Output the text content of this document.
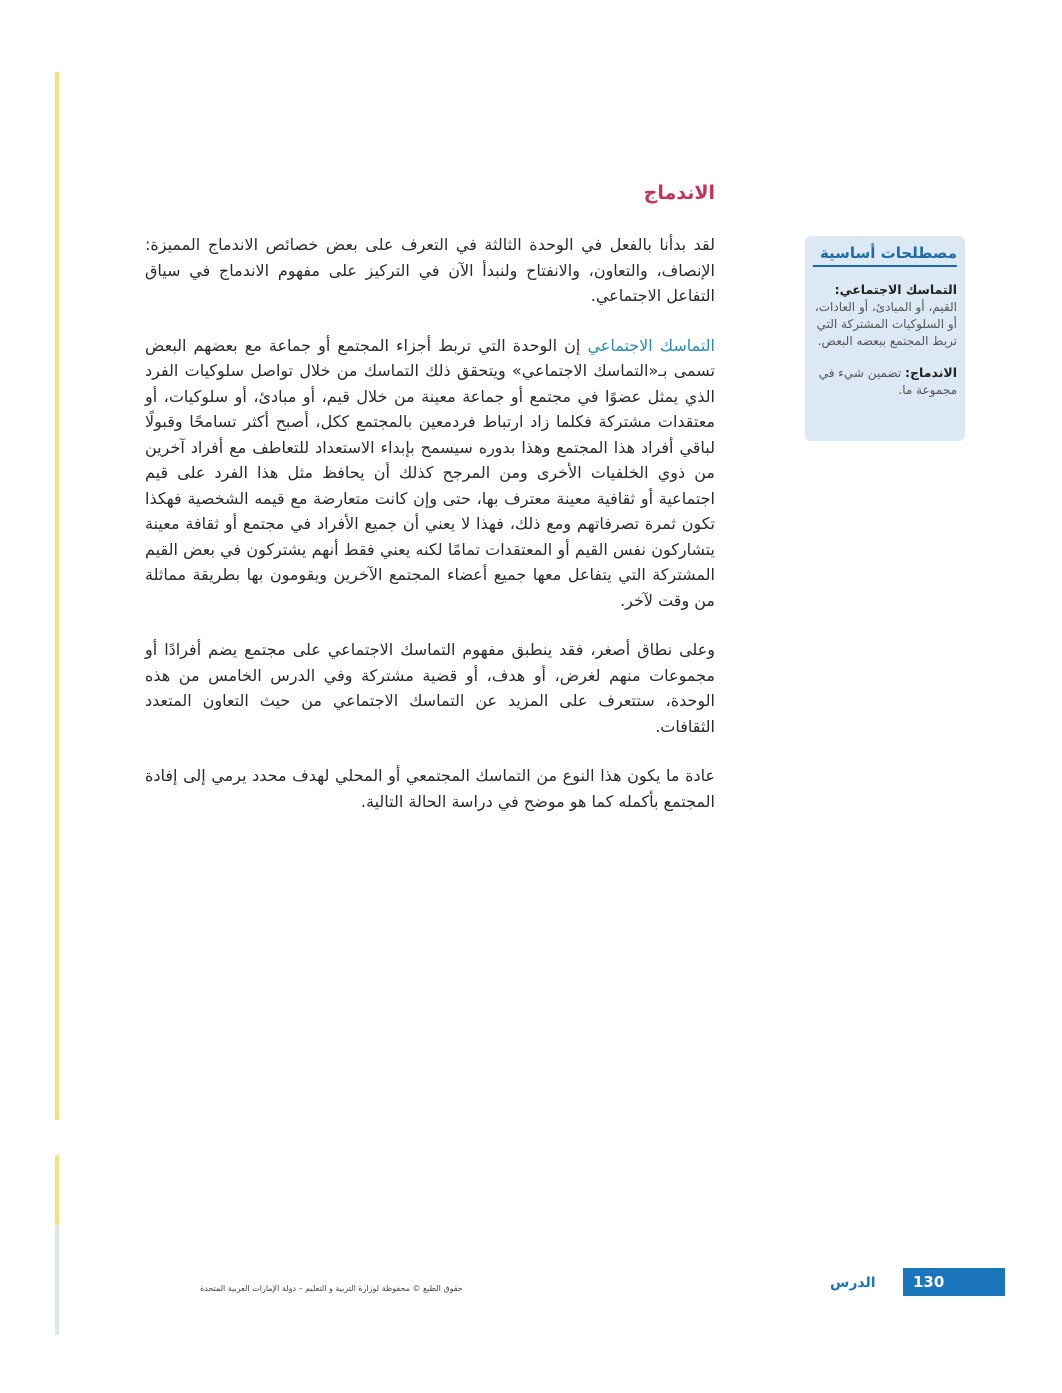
الاندماج

لقد بدأنا بالفعل في الوحدة الثالثة في التعرف على بعض خصائص الاندماج المميزة: الإنصاف، والتعاون، والانفتاح ولنبدأ الآن في التركيز على مفهوم الاندماج في سياق التفاعل الاجتماعي.

التماسك الاجتماعي إن الوحدة التي تربط أجزاء المجتمع أو جماعة مع بعضهم البعض تسمى بـ«التماسك الاجتماعي» ويتحقق ذلك التماسك من خلال تواصل سلوكيات الفرد الذي يمثل عضوًا في مجتمع أو جماعة معينة من خلال قيم، أو مبادئ، أو سلوكيات، أو معتقدات مشتركة فكلما زاد ارتباط فردمعين بالمجتمع ككل، أصبح أكثر تسامحًا وقبولًا لباقي أفراد هذا المجتمع وهذا بدوره سيسمح بإبداء الاستعداد للتعاطف مع أفراد آخرين من ذوي الخلفيات الأخرى ومن المرجح كذلك أن يحافظ مثل هذا الفرد على قيم اجتماعية أو ثقافية معينة معترف بها، حتى وإن كانت متعارضة مع قيمه الشخصية فهكذا تكون ثمرة تصرفاتهم ومع ذلك، فهذا لا يعني أن جميع الأفراد في مجتمع أو ثقافة معينة يتشاركون نفس القيم أو المعتقدات تمامًا لكنه يعني فقط أنهم يشتركون في بعض القيم المشتركة التي يتفاعل معها جميع أعضاء المجتمع الآخرين ويقومون بها بطريقة مماثلة من وقت لآخر.

وعلى نطاق أصغر، فقد ينطبق مفهوم التماسك الاجتماعي على مجتمع يضم أفرادًا أو مجموعات منهم لغرض، أو هدف، أو قضية مشتركة وفي الدرس الخامس من هذه الوحدة، ستتعرف على المزيد عن التماسك الاجتماعي من حيث التعاون المتعدد الثقافات.

عادة ما يكون هذا النوع من التماسك المجتمعي أو المحلي لهدف محدد يرمي إلى إفادة المجتمع بأكمله كما هو موضح في دراسة الحالة التالية.

مصطلحات أساسية
التماسك الاجتماعي:
القيم، أو المبادئ، أو العادات، أو السلوكيات المشتركة التي تربط المجتمع ببعضه البعض.
الاندماج: تضمين شيء في مجموعة ما.
130
الدرس
حقوق الطبع © محفوظة لوزارة التربية و التعليم – دولة الإمارات العربية المتحدة
